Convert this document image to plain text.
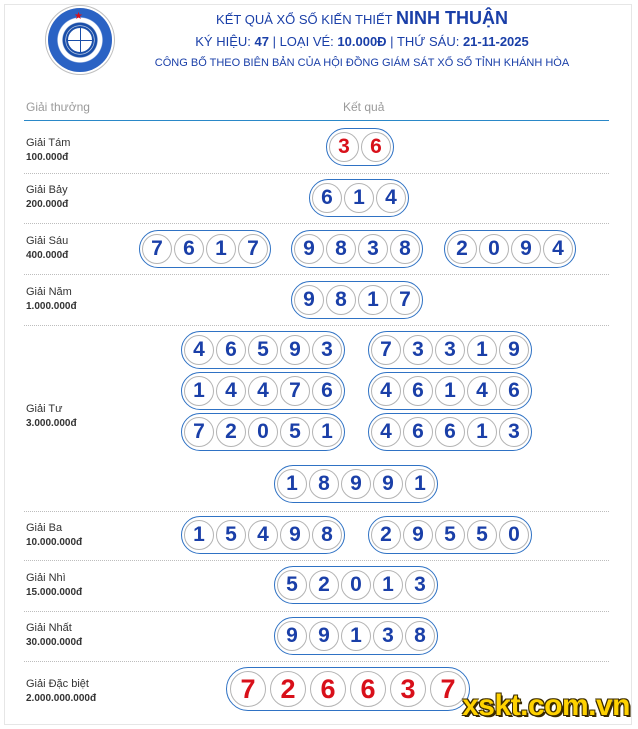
★	KẾT QUẢ XỔ SỐ KIẾN THIẾT NINH THUẬN
KÝ HIỆU: 47 | LOẠI VÉ: 10.000Đ | THỨ SÁU: 21-11-2025
CÔNG BỐ THEO BIÊN BẢN CỦA HỘI ĐỒNG GIÁM SÁT XỔ SỐ TỈNH KHÁNH HÒA
Giải thưởng	Kết quả
Giải Tám
100.000đ	3 6
Giải Bảy
200.000đ	6 1 4
Giải Sáu
400.000đ	7 6 1 7	9 8 3 8	2 0 9 4
Giải Năm
1.000.000đ	9 8 1 7
Giải Tư
3.000.000đ
4 6 5 9 3	7 3 3 1 9
1 4 4 7 6	4 6 1 4 6
7 2 0 5 1	4 6 6 1 3
1 8 9 9 1
Giải Ba
10.000.000đ	1 5 4 9 8	2 9 5 5 0
Giải Nhì
15.000.000đ	5 2 0 1 3
Giải Nhất
30.000.000đ	9 9 1 3 8
Giải Đặc biệt
2.000.000.000đ	7 2 6 6 3 7
xskt.com.vn
